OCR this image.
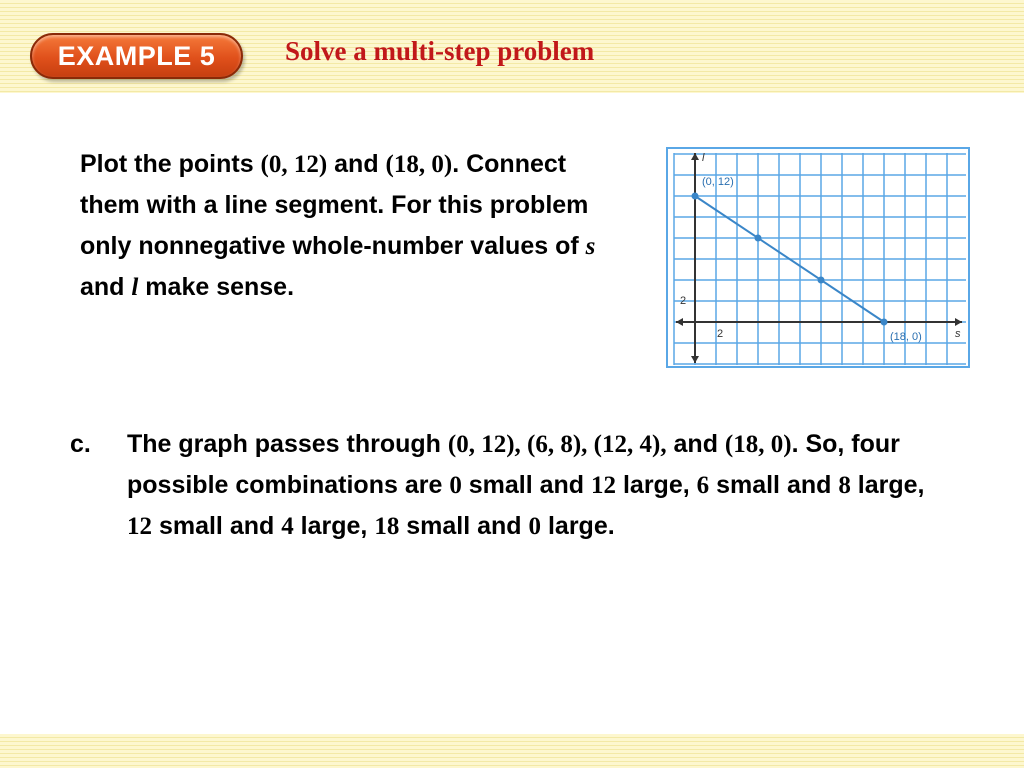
EXAMPLE 5	Solve a multi-step problem
Plot the points (0, 12) and (18, 0). Connect them with a line segment. For this problem only nonnegative whole-number values of s and l make sense.
l
s
2
2
(0, 12)
(18, 0)
c. The graph passes through (0, 12), (6, 8), (12, 4), and (18, 0). So, four possible combinations are 0 small and 12 large, 6 small and 8 large, 12 small and 4 large, 18 small and 0 large.
